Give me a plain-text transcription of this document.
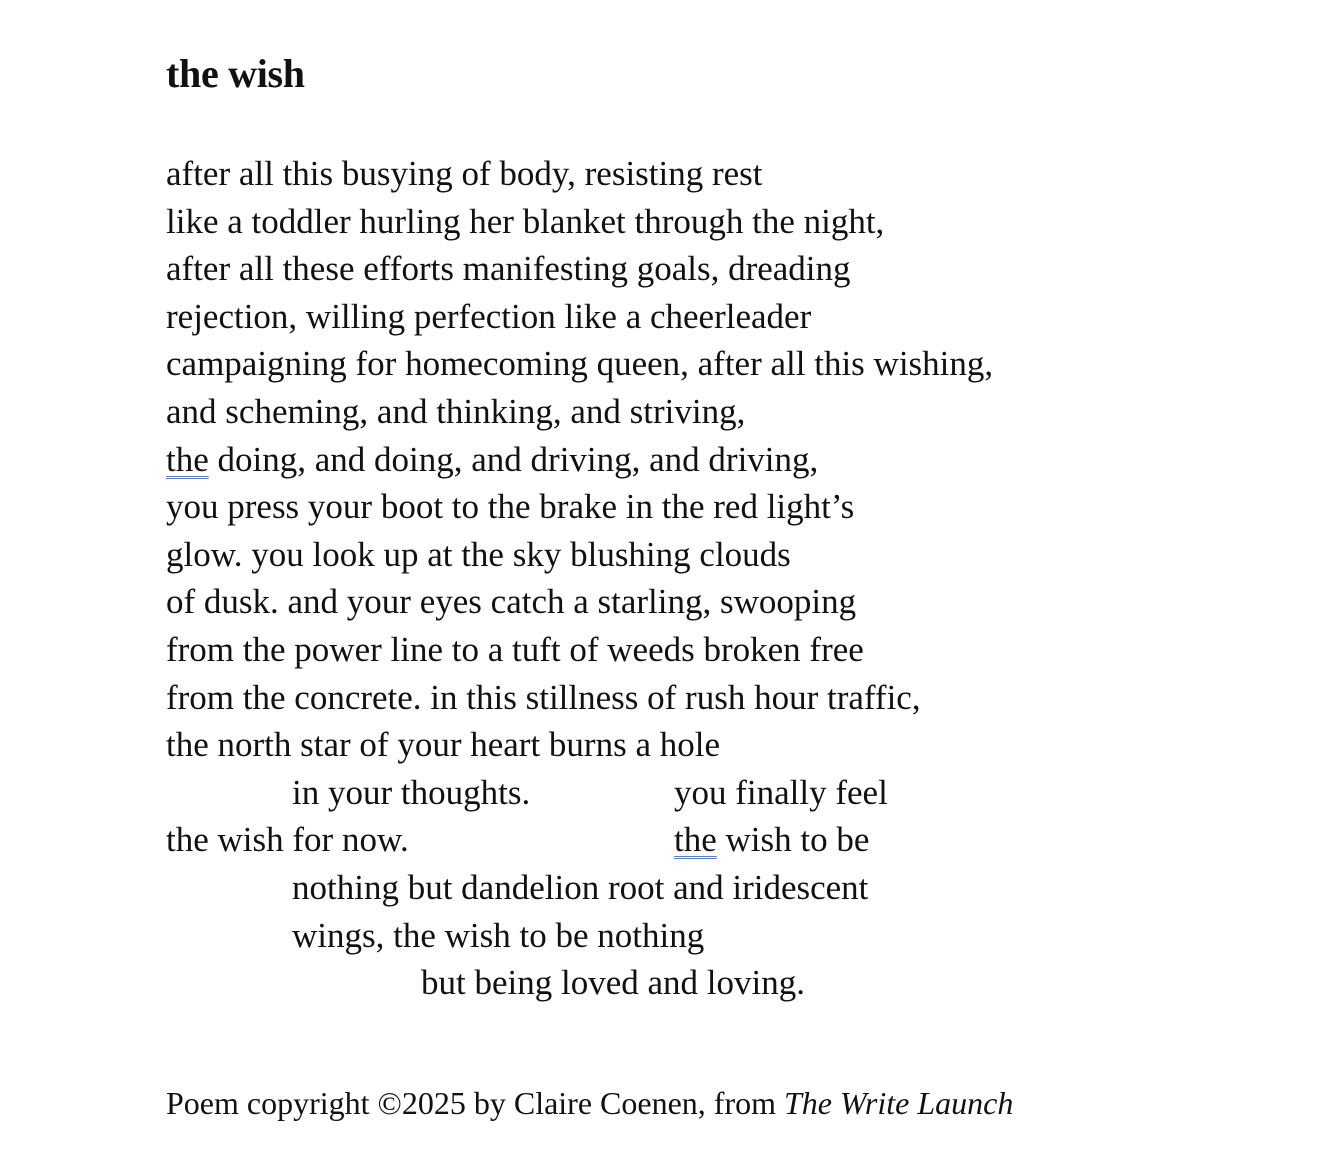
the wish
after all this busying of body, resisting rest
like a toddler hurling her blanket through the night,
after all these efforts manifesting goals, dreading
rejection, willing perfection like a cheerleader
campaigning for homecoming queen, after all this wishing,
and scheming, and thinking, and striving,
the doing, and doing, and driving, and driving,
you press your boot to the brake in the red light’s
glow. you look up at the sky blushing clouds
of dusk. and your eyes catch a starling, swooping
from the power line to a tuft of weeds broken free
from the concrete. in this stillness of rush hour traffic,
the north star of your heart burns a hole
in your thoughts.	you finally feel
the wish for now.	the wish to be
nothing but dandelion root and iridescent
wings, the wish to be nothing
but being loved and loving.
Poem copyright ©2025 by Claire Coenen, from The Write Launch
